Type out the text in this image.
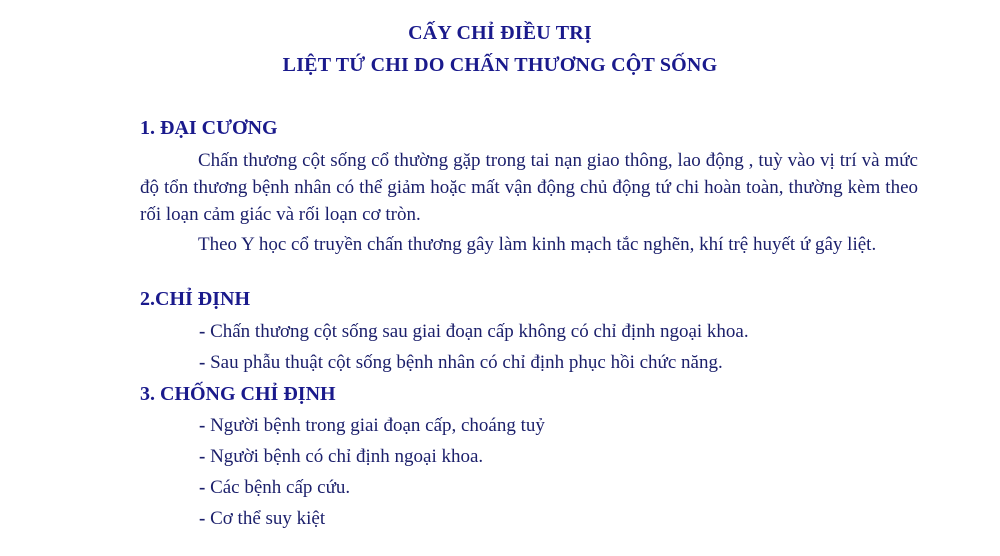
CẤY CHỈ ĐIỀU TRỊ
LIỆT TỨ CHI DO CHẤN THƯƠNG CỘT SỐNG
1. ĐẠI CƯƠNG
Chấn thương cột sống cổ thường gặp trong tai nạn giao thông, lao động , tuỳ vào vị trí và mức độ tổn thương bệnh nhân có thể giảm hoặc mất vận động chủ động tứ chi hoàn toàn, thường kèm theo rối loạn cảm giác và rối loạn cơ tròn.
Theo Y học cổ truyền chấn thương gây làm kinh mạch tắc nghẽn, khí trệ huyết ứ gây liệt.
2.CHỈ ĐỊNH
- Chấn thương cột sống sau giai đoạn cấp không có chỉ định ngoại khoa.
- Sau phẫu thuật cột sống bệnh nhân có chỉ định phục hồi chức năng.
3. CHỐNG CHỈ ĐỊNH
- Người bệnh trong giai đoạn cấp, choáng tuỷ
- Người bệnh có chỉ định ngoại khoa.
- Các bệnh cấp cứu.
- Cơ thể suy kiệt
